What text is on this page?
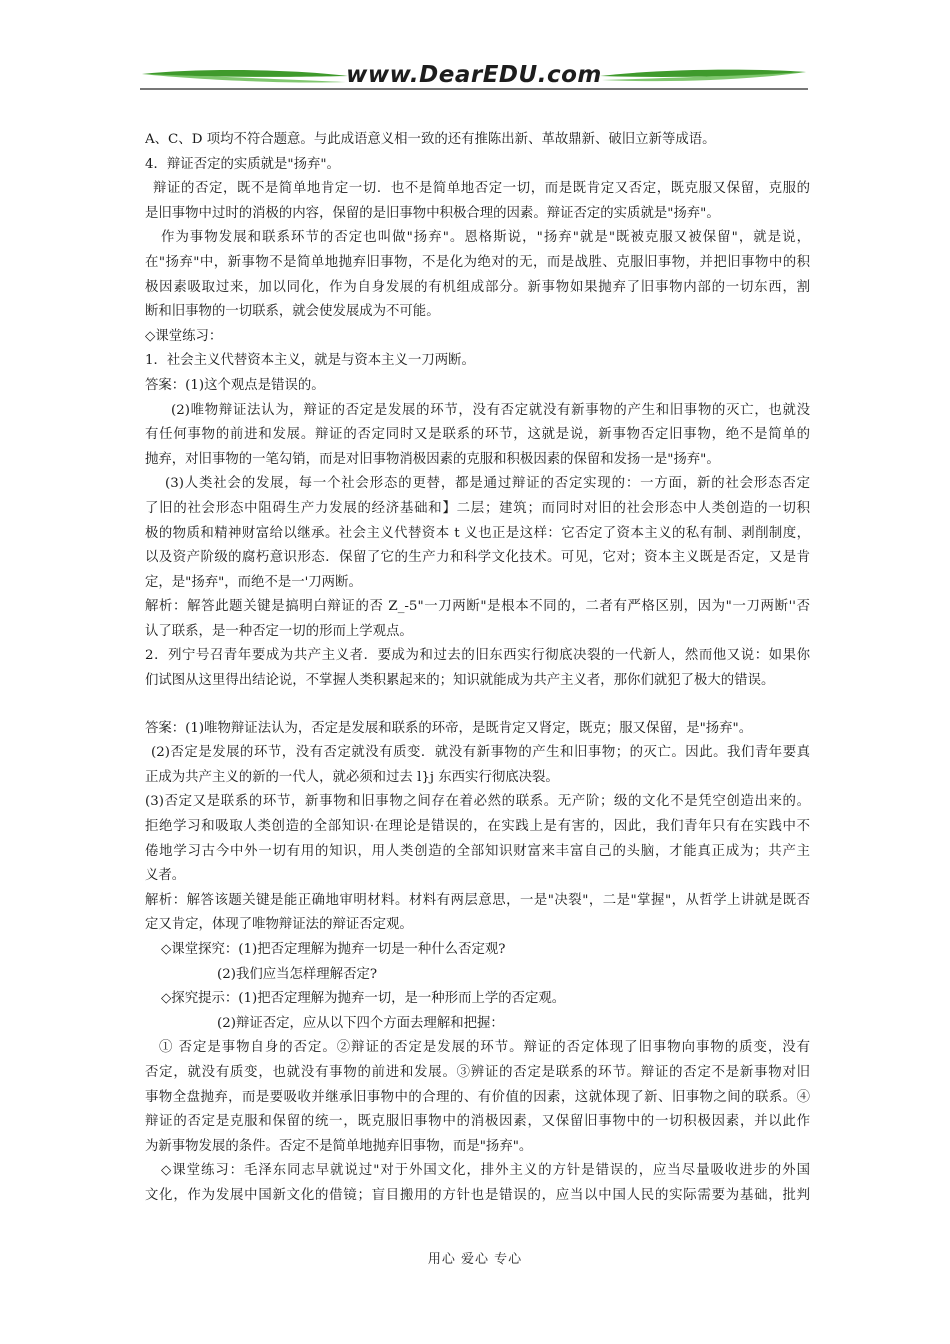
www.DearEDU.com
A、C、D 项均不符合题意。与此成语意义相一致的还有推陈出新、革故鼎新、破旧立新等成语。
4．辩证否定的实质就是"扬弃"。
辩证的否定，既不是简单地肯定一切．也不是简单地否定一切，而是既肯定又否定，既克服又保留，克服的
是旧事物中过时的消极的内容，保留的是旧事物中积极合理的因素。辩证否定的实质就是"扬弃"。
作为事物发展和联系环节的否定也叫做"扬弃"。恩格斯说，"扬弃"就是"既被克服又被保留"，就是说，
在"扬弃"中，新事物不是简单地抛弃旧事物，不是化为绝对的无，而是战胜、克服旧事物，并把旧事物中的积
极因素吸取过来，加以同化，作为自身发展的有机组成部分。新事物如果抛弃了旧事物内部的一切东西，割
断和旧事物的一切联系，就会使发展成为不可能。
◇课堂练习：
1．社会主义代替资本主义，就是与资本主义一刀两断。
答案：(1)这个观点是错误的。
(2)唯物辩证法认为，辩证的否定是发展的环节，没有否定就没有新事物的产生和旧事物的灭亡，也就没
有任何事物的前进和发展。辩证的否定同时又是联系的环节，这就是说，新事物否定旧事物，绝不是简单的
抛弃，对旧事物的一笔勾销，而是对旧事物消极因素的克服和积极因素的保留和发扬一是"扬弃"。
(3)人类社会的发展，每一个社会形态的更替，都是通过辩证的否定实现的：一方面，新的社会形态否定
了旧的社会形态中阻碍生产力发展的经济基础和】二层；建筑；而同时对旧的社会形态中人类创造的一切积
极的物质和精神财富给以继承。社会主义代替资本 t 义也正是这样：它否定了资本主义的私有制、剥削制度，
以及资产阶级的腐朽意识形态．保留了它的生产力和科学文化技术。可见，它对；资本主义既是否定，又是肯
定，是"扬弃"，而绝不是一'刀两断。
解析：解答此题关键是搞明白辩证的否 Z_-5"一刀两断"是根本不同的，二者有严格区别，因为"一刀两断''否
认了联系，是一种否定一切的形而上学观点。
2．列宁号召青年要成为共产主义者．要成为和过去的旧东西实行彻底决裂的一代新人，然而他又说：如果你
们试图从这里得出结论说，不掌握人类积累起来的；知识就能成为共产主义者，那你们就犯了极大的错误。
答案：(1)唯物辩证法认为，否定是发展和联系的环帝，是既肯定又肾定，既克；服又保留，是"扬弃"。
(2)否定是发展的环节，没有否定就没有质变．就没有新事物的产生和旧事物；的灭亡。因此。我们青年要真
正成为共产主义的新的一代人，就必须和过去 l}j 东西实行彻底决裂。
(3)否定又是联系的环节，新事物和旧事物之间存在着必然的联系。无产阶；级的文化不是凭空创造出来的。
拒绝学习和吸取人类创造的全部知识·在理论是错误的，在实践上是有害的，因此，我们青年只有在实践中不
倦地学习古今中外一切有用的知识，用人类创造的全部知识财富来丰富自己的头脑，才能真正成为；共产主
义者。
解析：解答该题关键是能正确地审明材料。材料有两层意思，一是"决裂"，二是"掌握"，从哲学上讲就是既否
定又肯定，体现了唯物辩证法的辩证否定观。
◇课堂探究：(1)把否定理解为抛弃一切是一种什么否定观?
(2)我们应当怎样理解否定?
◇探究提示：(1)把否定理解为抛弃一切，是一种形而上学的否定观。
(2)辩证否定，应从以下四个方面去理解和把握：
① 否定是事物自身的否定。②辩证的否定是发展的环节。辩证的否定体现了旧事物向事物的质变，没有
否定，就没有质变，也就没有事物的前进和发展。③辨证的否定是联系的环节。辩证的否定不是新事物对旧
事物全盘抛弃，而是要吸收并继承旧事物中的合理的、有价值的因素，这就体现了新、旧事物之间的联系。④
辩证的否定是克服和保留的统一，既克服旧事物中的消极因素，又保留旧事物中的一切积极因素，并以此作
为新事物发展的条件。否定不是简单地抛弃旧事物，而是"扬弃"。
◇课堂练习：毛泽东同志早就说过"对于外国文化，排外主义的方针是错误的，应当尽量吸收进步的外国
文化，作为发展中国新文化的借镜；盲目搬用的方针也是错误的，应当以中国人民的实际需要为基础，批判
用心 爱心 专心
